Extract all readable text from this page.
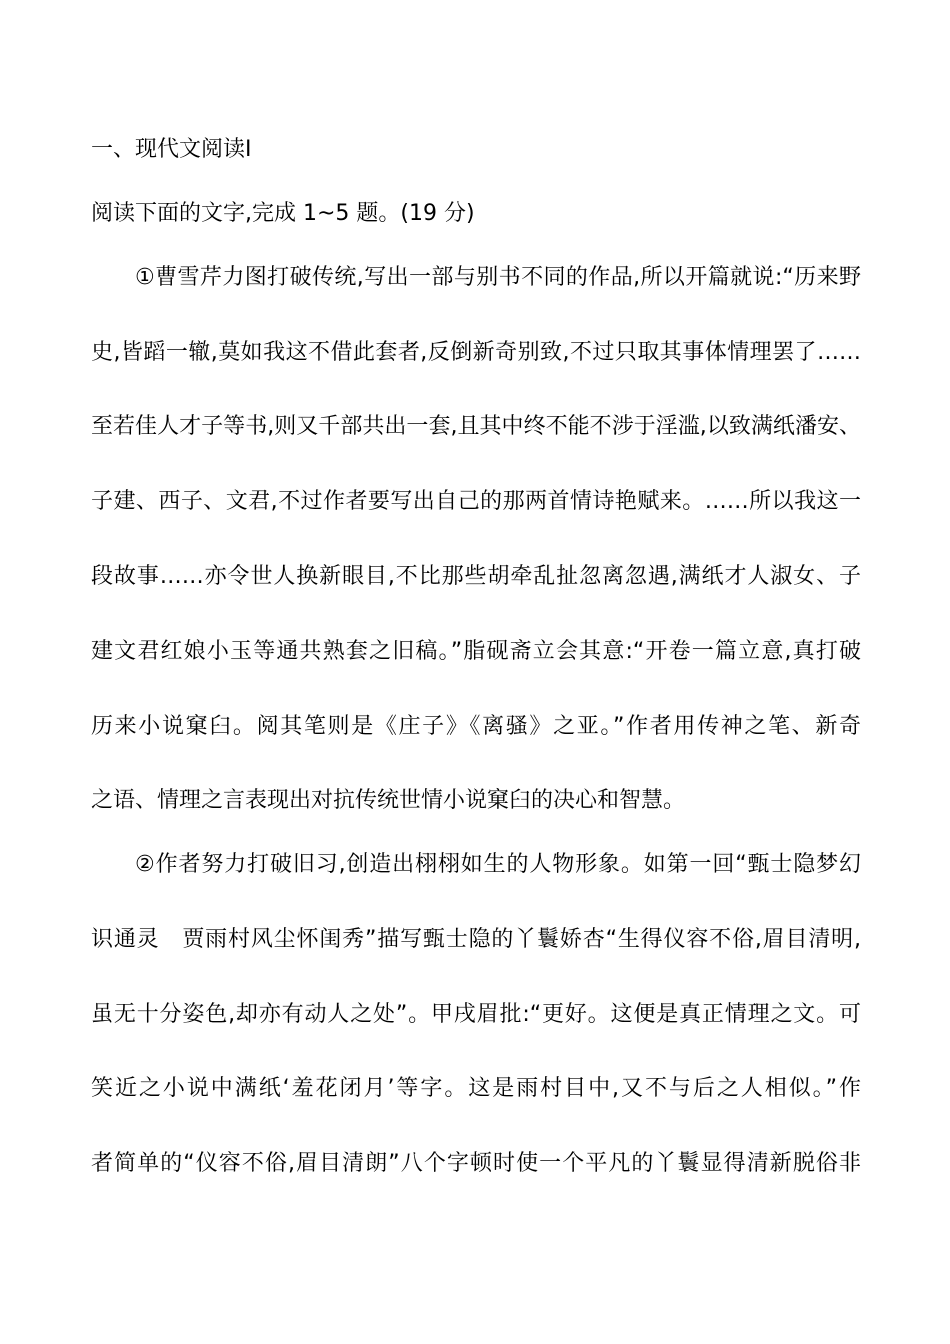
一、现代文阅读Ⅰ
阅读下面的文字,完成 1~5 题。(19 分)
①曹雪芹力图打破传统,写出一部与别书不同的作品,所以开篇就说:“历来野
史,皆蹈一辙,莫如我这不借此套者,反倒新奇别致,不过只取其事体情理罢了……
至若佳人才子等书,则又千部共出一套,且其中终不能不涉于淫滥,以致满纸潘安、
子建、西子、文君,不过作者要写出自己的那两首情诗艳赋来。……所以我这一
段故事……亦令世人换新眼目,不比那些胡牵乱扯忽离忽遇,满纸才人淑女、子
建文君红娘小玉等通共熟套之旧稿。”脂砚斋立会其意:“开卷一篇立意,真打破
历来小说窠臼。阅其笔则是《庄子》《离骚》之亚。”作者用传神之笔、新奇
之语、情理之言表现出对抗传统世情小说窠臼的决心和智慧。
②作者努力打破旧习,创造出栩栩如生的人物形象。如第一回“甄士隐梦幻
识通灵　贾雨村风尘怀闺秀”描写甄士隐的丫鬟娇杏“生得仪容不俗,眉目清明,
虽无十分姿色,却亦有动人之处”。甲戌眉批:“更好。这便是真正情理之文。可
笑近之小说中满纸‘羞花闭月’等字。这是雨村目中,又不与后之人相似。”作
者简单的“仪容不俗,眉目清朗”八个字顿时使一个平凡的丫鬟显得清新脱俗非
